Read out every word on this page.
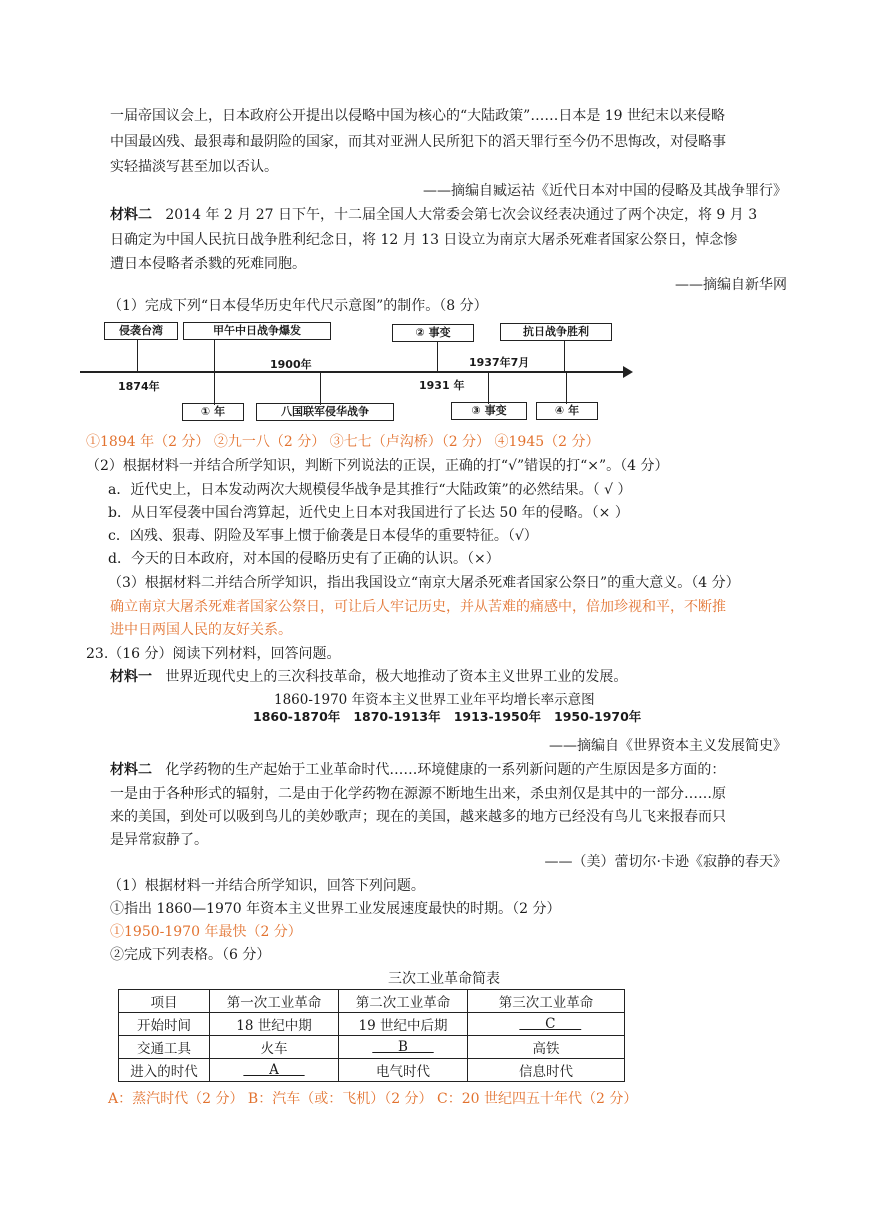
一届帝国议会上，日本政府公开提出以侵略中国为核心的“大陆政策”……日本是 19 世纪末以来侵略
中国最凶残、最狠毒和最阴险的国家，而其对亚洲人民所犯下的滔天罪行至今仍不思悔改，对侵略事
实轻描淡写甚至加以否认。
——摘编自臧运祜《近代日本对中国的侵略及其战争罪行》
材料二 2014 年 2 月 27 日下午，十二届全国人大常委会第七次会议经表决通过了两个决定，将 9 月 3
日确定为中国人民抗日战争胜利纪念日，将 12 月 13 日设立为南京大屠杀死难者国家公祭日，悼念惨
遭日本侵略者杀戮的死难同胞。
——摘编自新华网
（1）完成下列“日本侵华历史年代尺示意图”的制作。（8 分）
侵袭台湾	甲午中日战争爆发	② 事变	抗日战争胜利
① 年	八国联军侵华战争	③ 事变	④ 年
1874年
1900年
1931 年
1937年7月
①1894 年（2 分） ②九一八（2 分） ③七七（卢沟桥）（2 分） ④1945（2 分）
（2）根据材料一并结合所学知识，判断下列说法的正误，正确的打“√”错误的打“×”。（4 分）
a．近代史上，日本发动两次大规模侵华战争是其推行“大陆政策”的必然结果。（ √ ）
b．从日军侵袭中国台湾算起，近代史上日本对我国进行了长达 50 年的侵略。（× ）
c．凶残、狠毒、阴险及军事上惯于偷袭是日本侵华的重要特征。（√）
d．今天的日本政府，对本国的侵略历史有了正确的认识。（×）
（3）根据材料二并结合所学知识，指出我国设立“南京大屠杀死难者国家公祭日”的重大意义。（4 分）
确立南京大屠杀死难者国家公祭日，可让后人牢记历史，并从苦难的痛感中，倍加珍视和平，不断推
进中日两国人民的友好关系。
23.（16 分）阅读下列材料，回答问题。
材料一 世界近现代史上的三次科技革命，极大地推动了资本主义世界工业的发展。
1860-1970 年资本主义世界工业年平均增长率示意图
1860-1870年 1870-1913年 1913-1950年 1950-1970年
——摘编自《世界资本主义发展简史》
材料二 化学药物的生产起始于工业革命时代……环境健康的一系列新问题的产生原因是多方面的：
一是由于各种形式的辐射，二是由于化学药物在源源不断地生出来，杀虫剂仅是其中的一部分……原
来的美国，到处可以吸到鸟儿的美妙歌声；现在的美国，越来越多的地方已经没有鸟儿飞来报春而只
是异常寂静了。
——（美）蕾切尔·卡逊《寂静的春天》
（1）根据材料一并结合所学知识，回答下列问题。
①指出 1860—1970 年资本主义世界工业发展速度最快的时期。（2 分）
①1950-1970 年最快（2 分）
②完成下列表格。（6 分）
三次工业革命简表
项目	第一次工业革命	第二次工业革命	第三次工业革命
开始时间	18 世纪中期	19 世纪中后期	C
交通工具	火车	B	高铁
进入的时代	A	电气时代	信息时代
A：蒸汽时代（2 分） B：汽车（或：飞机）（2 分） C：20 世纪四五十年代（2 分）
